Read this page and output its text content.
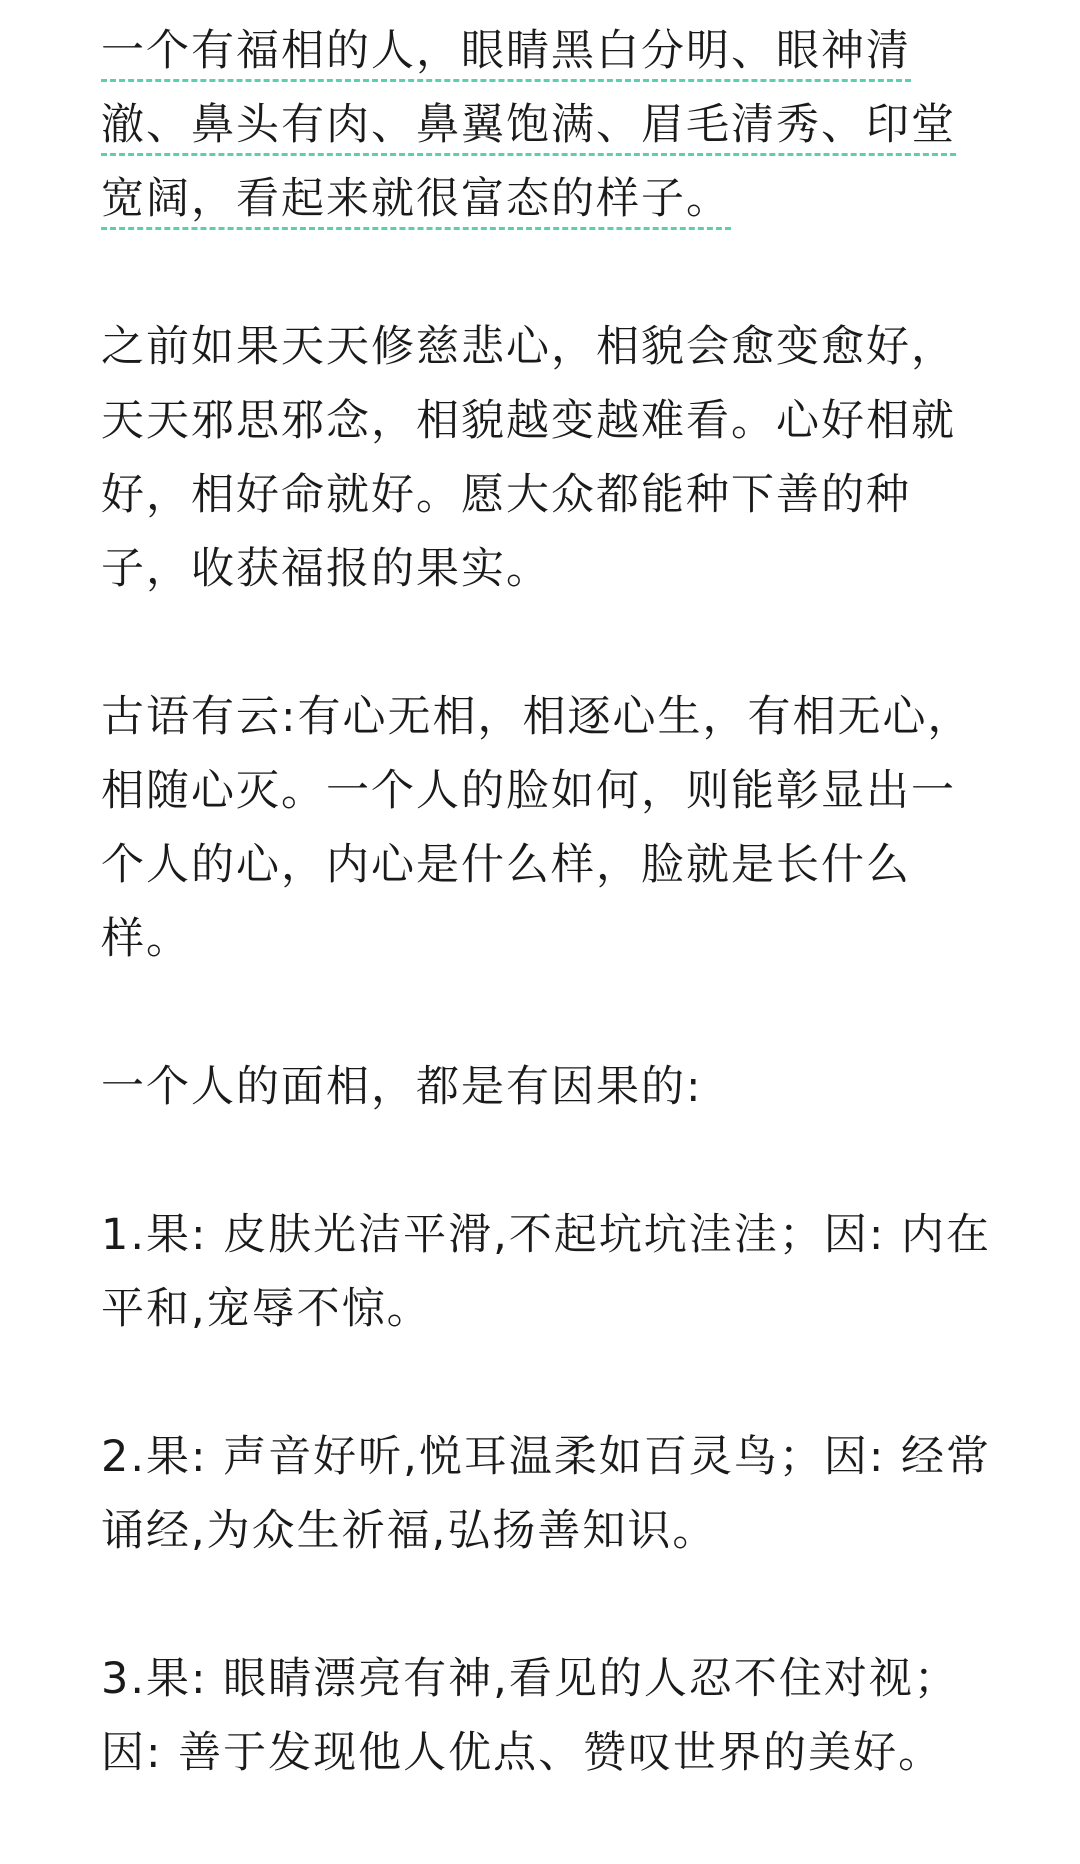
一个有福相的人，眼睛黑白分明、眼神清
澈、鼻头有肉、鼻翼饱满、眉毛清秀、印堂
宽阔，看起来就很富态的样子。

之前如果天天修慈悲心，相貌会愈变愈好，
天天邪思邪念，相貌越变越难看。心好相就
好，相好命就好。愿大众都能种下善的种
子，收获福报的果实。

古语有云:有心无相，相逐心生，有相无心，
相随心灭。一个人的脸如何，则能彰显出一
个人的心，内心是什么样，脸就是长什么
样。

一个人的面相，都是有因果的:

1.果: 皮肤光洁平滑,不起坑坑洼洼；因: 内在
平和,宠辱不惊。

2.果: 声音好听,悦耳温柔如百灵鸟；因: 经常
诵经,为众生祈福,弘扬善知识。

3.果: 眼睛漂亮有神,看见的人忍不住对视；
因: 善于发现他人优点、赞叹世界的美好。
